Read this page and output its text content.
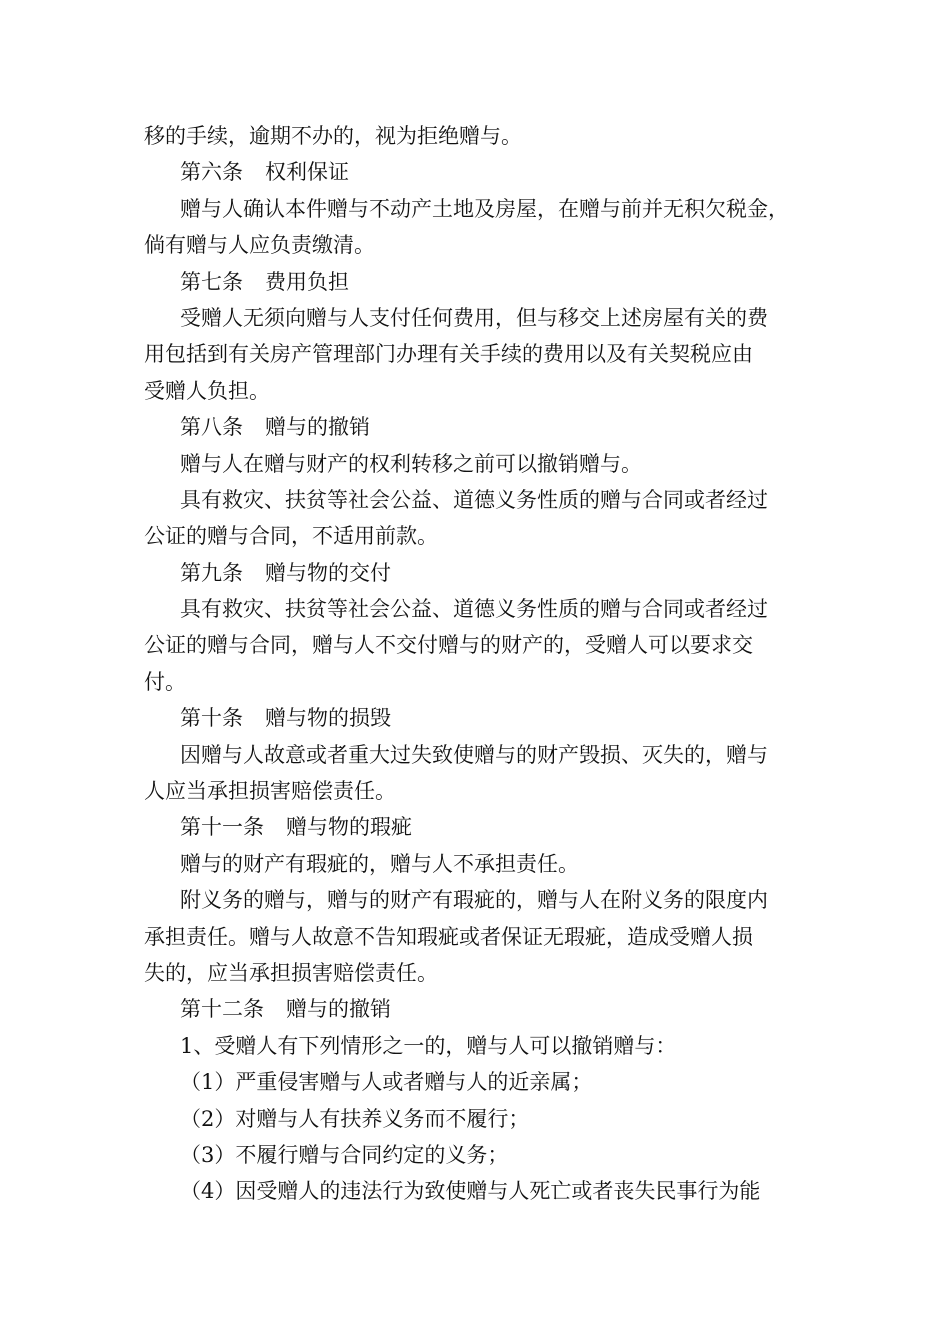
移的手续，逾期不办的，视为拒绝赠与。
第六条 权利保证
赠与人确认本件赠与不动产土地及房屋，在赠与前并无积欠税金，
倘有赠与人应负责缴清。
第七条 费用负担
受赠人无须向赠与人支付任何费用，但与移交上述房屋有关的费
用包括到有关房产管理部门办理有关手续的费用以及有关契税应由
受赠人负担。
第八条 赠与的撤销
赠与人在赠与财产的权利转移之前可以撤销赠与。
具有救灾、扶贫等社会公益、道德义务性质的赠与合同或者经过
公证的赠与合同，不适用前款。
第九条 赠与物的交付
具有救灾、扶贫等社会公益、道德义务性质的赠与合同或者经过
公证的赠与合同，赠与人不交付赠与的财产的，受赠人可以要求交
付。
第十条 赠与物的损毁
因赠与人故意或者重大过失致使赠与的财产毁损、灭失的，赠与
人应当承担损害赔偿责任。
第十一条 赠与物的瑕疵
赠与的财产有瑕疵的，赠与人不承担责任。
附义务的赠与，赠与的财产有瑕疵的，赠与人在附义务的限度内
承担责任。赠与人故意不告知瑕疵或者保证无瑕疵，造成受赠人损
失的，应当承担损害赔偿责任。
第十二条 赠与的撤销
1、受赠人有下列情形之一的，赠与人可以撤销赠与：
（1）严重侵害赠与人或者赠与人的近亲属；
（2）对赠与人有扶养义务而不履行；
（3）不履行赠与合同约定的义务；
（4）因受赠人的违法行为致使赠与人死亡或者丧失民事行为能
